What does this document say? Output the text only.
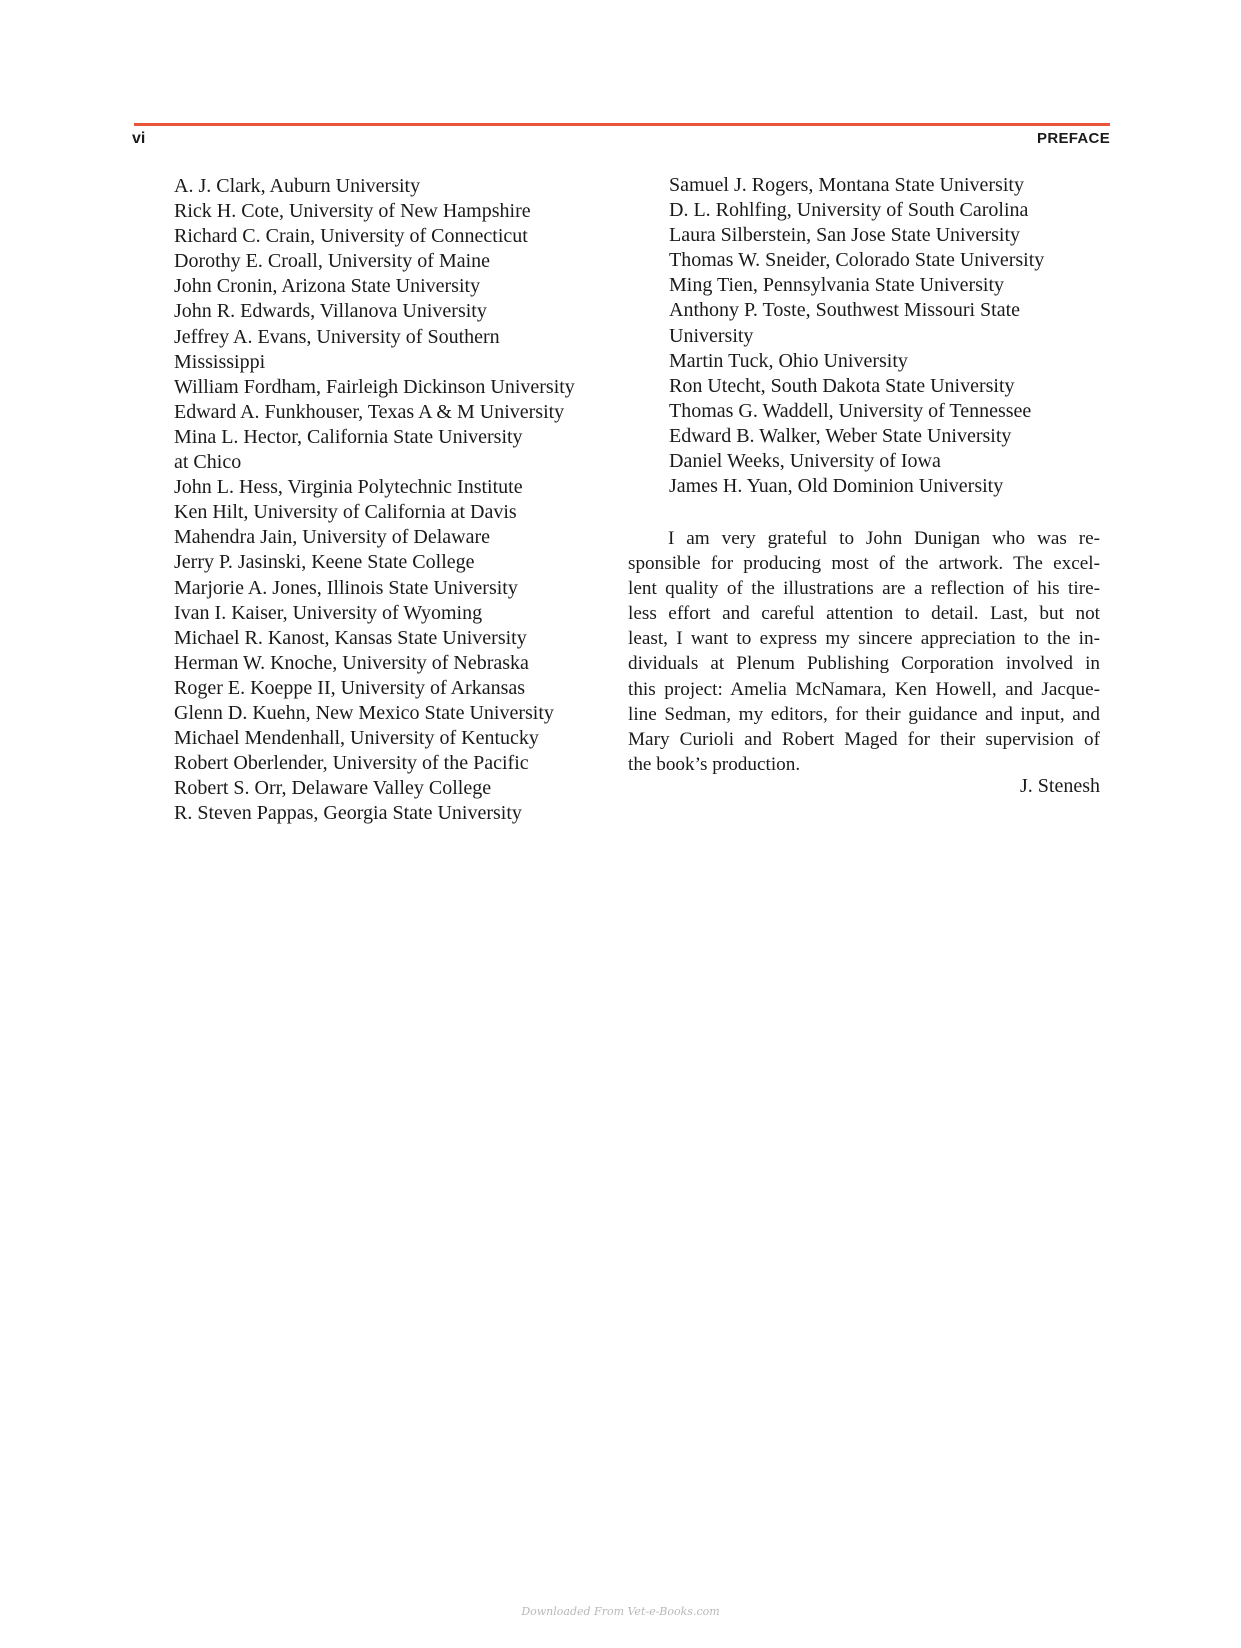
vi	PREFACE
A. J. Clark, Auburn University
Rick H. Cote, University of New Hampshire
Richard C. Crain, University of Connecticut
Dorothy E. Croall, University of Maine
John Cronin, Arizona State University
John R. Edwards, Villanova University
Jeffrey A. Evans, University of Southern
Mississippi
William Fordham, Fairleigh Dickinson University
Edward A. Funkhouser, Texas A & M University
Mina L. Hector, California State University
at Chico
John L. Hess, Virginia Polytechnic Institute
Ken Hilt, University of California at Davis
Mahendra Jain, University of Delaware
Jerry P. Jasinski, Keene State College
Marjorie A. Jones, Illinois State University
Ivan I. Kaiser, University of Wyoming
Michael R. Kanost, Kansas State University
Herman W. Knoche, University of Nebraska
Roger E. Koeppe II, University of Arkansas
Glenn D. Kuehn, New Mexico State University
Michael Mendenhall, University of Kentucky
Robert Oberlender, University of the Pacific
Robert S. Orr, Delaware Valley College
R. Steven Pappas, Georgia State University
Samuel J. Rogers, Montana State University
D. L. Rohlfing, University of South Carolina
Laura Silberstein, San Jose State University
Thomas W. Sneider, Colorado State University
Ming Tien, Pennsylvania State University
Anthony P. Toste, Southwest Missouri State
University
Martin Tuck, Ohio University
Ron Utecht, South Dakota State University
Thomas G. Waddell, University of Tennessee
Edward B. Walker, Weber State University
Daniel Weeks, University of Iowa
James H. Yuan, Old Dominion University
I am very grateful to John Dunigan who was re-
sponsible for producing most of the artwork. The excel-
lent quality of the illustrations are a reflection of his tire-
less effort and careful attention to detail. Last, but not
least, I want to express my sincere appreciation to the in-
dividuals at Plenum Publishing Corporation involved in
this project: Amelia McNamara, Ken Howell, and Jacque-
line Sedman, my editors, for their guidance and input, and
Mary Curioli and Robert Maged for their supervision of
the book’s production.
J. Stenesh
Downloaded From Vet-e-Books.com
